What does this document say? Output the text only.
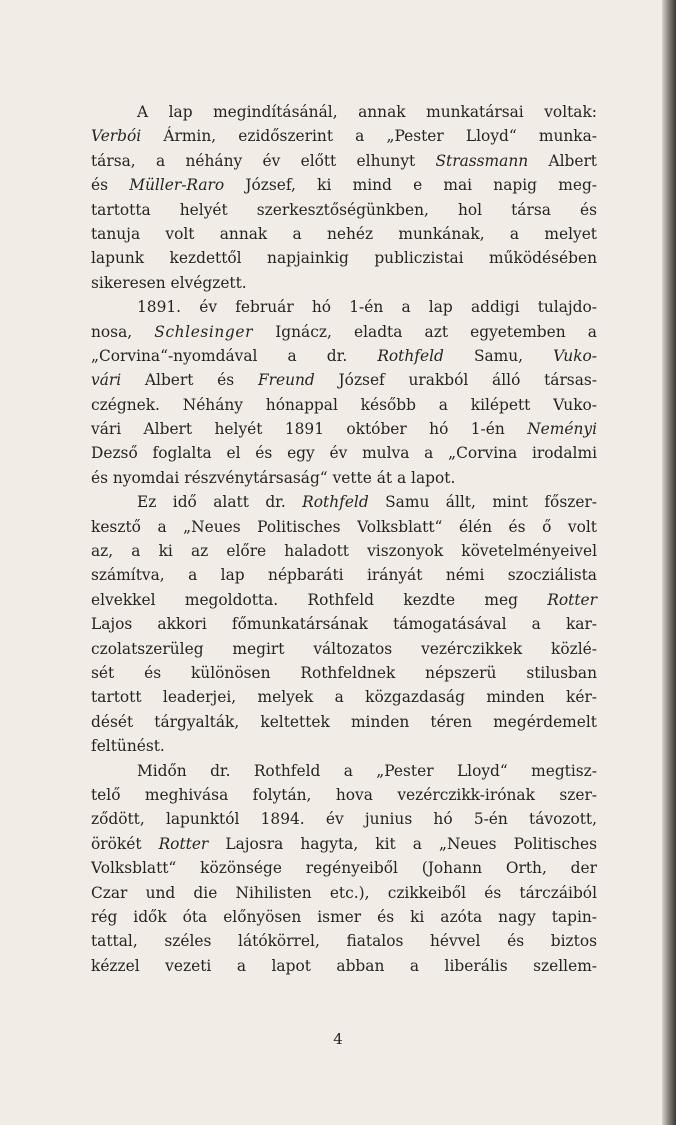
A lap megindításánál, annak munkatársai voltak:
Verbói Ármin, ezidőszerint a „Pester Lloyd“ munka-
társa, a néhány év előtt elhunyt Strassmann Albert
és Müller-Raro József, ki mind e mai napig meg-
tartotta helyét szerkesztőségünkben, hol társa és
tanuja volt annak a nehéz munkának, a melyet
lapunk kezdettől napjainkig publiczistai működésében
sikeresen elvégzett.
1891. év február hó 1-én a lap addigi tulajdo-
nosa, Schlesinger Ignácz, eladta azt egyetemben a
„Corvina“-nyomdával a dr. Rothfeld Samu, Vuko-
vári Albert és Freund József urakból álló társas-
czégnek. Néhány hónappal később a kilépett Vuko-
vári Albert helyét 1891 október hó 1-én Neményi
Dezső foglalta el és egy év mulva a „Corvina irodalmi
és nyomdai részvénytársaság“ vette át a lapot.
Ez idő alatt dr. Rothfeld Samu állt, mint főszer-
kesztő a „Neues Politisches Volksblatt“ élén és ő volt
az, a ki az előre haladott viszonyok követelményeivel
számítva, a lap népbaráti irányát némi szocziálista
elvekkel megoldotta. Rothfeld kezdte meg Rotter
Lajos akkori főmunkatársának támogatásával a kar-
czolatszerüleg megirt változatos vezérczikkek közlé-
sét és különösen Rothfeldnek népszerü stilusban
tartott leaderjei, melyek a közgazdaság minden kér-
dését tárgyalták, keltettek minden téren megérdemelt
feltünést.
Midőn dr. Rothfeld a „Pester Lloyd“ megtisz-
telő meghivása folytán, hova vezérczikk-irónak szer-
ződött, lapunktól 1894. év junius hó 5-én távozott,
örökét Rotter Lajosra hagyta, kit a „Neues Politisches
Volksblatt“ közönsége regényeiből (Johann Orth, der
Czar und die Nihilisten etc.), czikkeiből és tárczáiból
rég idők óta előnyösen ismer és ki azóta nagy tapin-
tattal, széles látókörrel, fiatalos hévvel és biztos
kézzel vezeti a lapot abban a liberális szellem-
4
